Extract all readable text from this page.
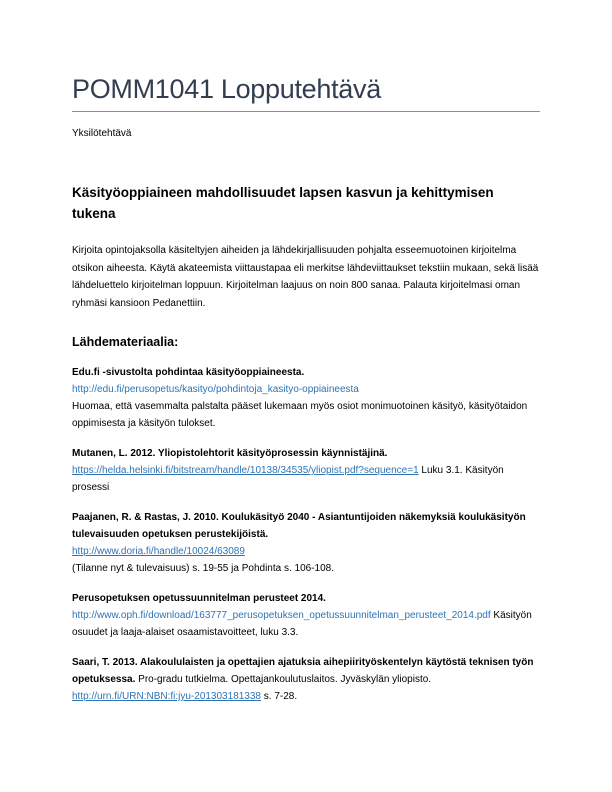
POMM1041 Lopputehtävä
Yksilötehtävä
Käsityöoppiaineen mahdollisuudet lapsen kasvun ja kehittymisen tukena
Kirjoita opintojaksolla käsiteltyjen aiheiden ja lähdekirjallisuuden pohjalta esseemuotoinen kirjoitelma otsikon aiheesta. Käytä akateemista viittaustapaa eli merkitse lähdeviittaukset tekstiin mukaan, sekä lisää lähdeluettelo kirjoitelman loppuun. Kirjoitelman laajuus on noin 800 sanaa. Palauta kirjoitelmasi oman ryhmäsi kansioon Pedanettiin.
Lähdemateriaalia:

Edu.fi -sivustolta pohdintaa käsityöoppiaineesta.

http://edu.fi/perusopetus/kasityo/pohdintoja_kasityo-oppiaineesta

Huomaa, että vasemmalta palstalta pääset lukemaan myös osiot monimuotoinen käsityö, käsityötaidon oppimisesta ja käsityön tulokset.

Mutanen, L. 2012. Yliopistolehtorit käsityöprosessin käynnistäjinä.

https://helda.helsinki.fi/bitstream/handle/10138/34535/yliopist.pdf?sequence=1 Luku 3.1. Käsityön prosessi

Paajanen, R. & Rastas, J. 2010. Koulukäsityö 2040 - Asiantuntijoiden näkemyksiä koulukäsityön tulevaisuuden opetuksen perustekijöistä.

http://www.doria.fi/handle/10024/63089

(Tilanne nyt & tulevaisuus) s. 19-55 ja Pohdinta s. 106-108.

Perusopetuksen opetussuunnitelman perusteet 2014.

http://www.oph.fi/download/163777_perusopetuksen_opetussuunnitelman_perusteet_2014.pdf Käsityön osuudet ja laaja-alaiset osaamistavoitteet, luku 3.3.

Saari, T. 2013. Alakoululaisten ja opettajien ajatuksia aihepiirityöskentelyn käytöstä teknisen työn opetuksessa. Pro-gradu tutkielma. Opettajankoulutuslaitos. Jyväskylän yliopisto.

http://urn.fi/URN:NBN:fi:jyu-201303181338 s. 7-28.
